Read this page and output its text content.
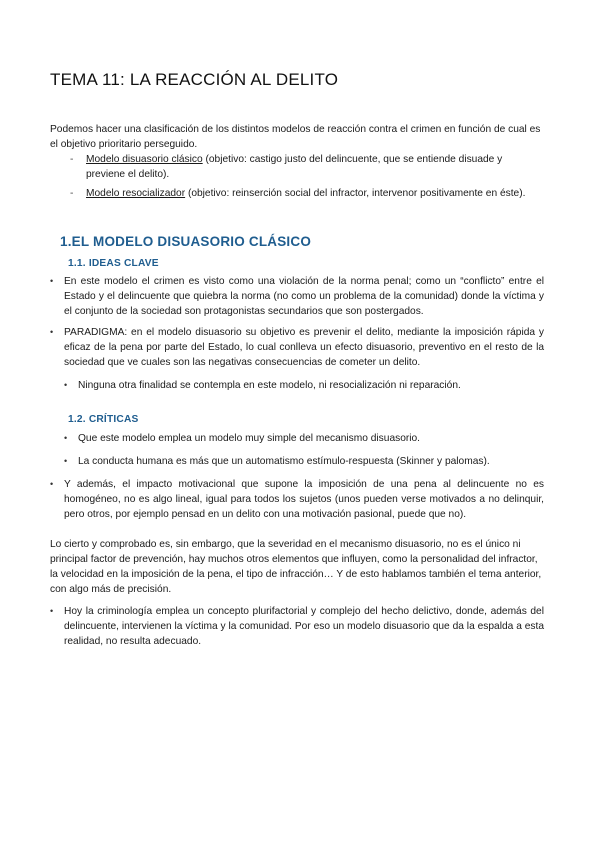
TEMA 11: LA REACCIÓN AL DELITO

Podemos hacer una clasificación de los distintos modelos de reacción contra el crimen en función de cual es el objetivo prioritario perseguido.

- Modelo disuasorio clásico (objetivo: castigo justo del delincuente, que se entiende disuade y previene el delito).
- Modelo resocializador (objetivo: reinserción social del infractor, intervenor positivamente en éste).
1.EL MODELO DISUASORIO CLÁSICO
1.1. IDEAS CLAVE
• En este modelo el crimen es visto como una violación de la norma penal; como un “conflicto” entre el Estado y el delincuente que quiebra la norma (no como un problema de la comunidad) donde la víctima y el conjunto de la sociedad son protagonistas secundarios que son postergados.
• PARADIGMA: en el modelo disuasorio su objetivo es prevenir el delito, mediante la imposición rápida y eficaz de la pena por parte del Estado, lo cual conlleva un efecto disuasorio, preventivo en el resto de la sociedad que ve cuales son las negativas consecuencias de cometer un delito.
• Ninguna otra finalidad se contempla en este modelo, ni resocialización ni reparación.
1.2. CRÍTICAS
• Que este modelo emplea un modelo muy simple del mecanismo disuasorio.
• La conducta humana es más que un automatismo estímulo-respuesta (Skinner y palomas).
• Y además, el impacto motivacional que supone la imposición de una pena al delincuente no es homogéneo, no es algo lineal, igual para todos los sujetos (unos pueden verse motivados a no delinquir, pero otros, por ejemplo pensad en un delito con una motivación pasional, puede que no).

Lo cierto y comprobado es, sin embargo, que la severidad en el mecanismo disuasorio, no es el único ni principal factor de prevención, hay muchos otros elementos que influyen, como la personalidad del infractor, la velocidad en la imposición de la pena, el tipo de infracción… Y de esto hablamos también el tema anterior, con algo más de precisión.

• Hoy la criminología emplea un concepto plurifactorial y complejo del hecho delictivo, donde, además del delincuente, intervienen la víctima y la comunidad. Por eso un modelo disuasorio que da la espalda a esta realidad, no resulta adecuado.
